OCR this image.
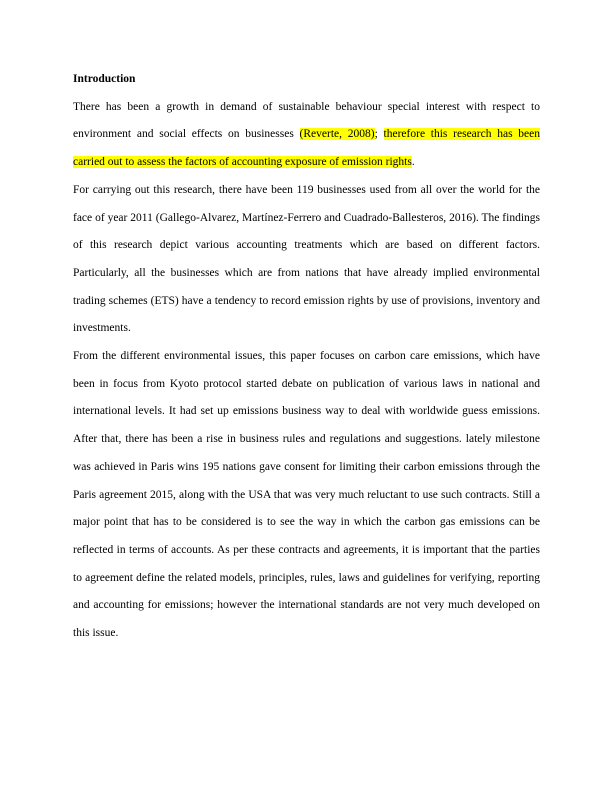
Introduction

There has been a growth in demand of sustainable behaviour special interest with respect to environment and social effects on businesses (Reverte, 2008); therefore this research has been carried out to assess the factors of accounting exposure of emission rights.

For carrying out this research, there have been 119 businesses used from all over the world for the face of year 2011 (Gallego-Alvarez, Martínez-Ferrero and Cuadrado-Ballesteros, 2016). The findings of this research depict various accounting treatments which are based on different factors. Particularly, all the businesses which are from nations that have already implied environmental trading schemes (ETS) have a tendency to record emission rights by use of provisions, inventory and investments.

From the different environmental issues, this paper focuses on carbon care emissions, which have been in focus from Kyoto protocol started debate on publication of various laws in national and international levels. It had set up emissions business way to deal with worldwide guess emissions. After that, there has been a rise in business rules and regulations and suggestions. lately milestone was achieved in Paris wins 195 nations gave consent for limiting their carbon emissions through the Paris agreement 2015, along with the USA that was very much reluctant to use such contracts. Still a major point that has to be considered is to see the way in which the carbon gas emissions can be reflected in terms of accounts. As per these contracts and agreements, it is important that the parties to agreement define the related models, principles, rules, laws and guidelines for verifying, reporting and accounting for emissions; however the international standards are not very much developed on this issue.
